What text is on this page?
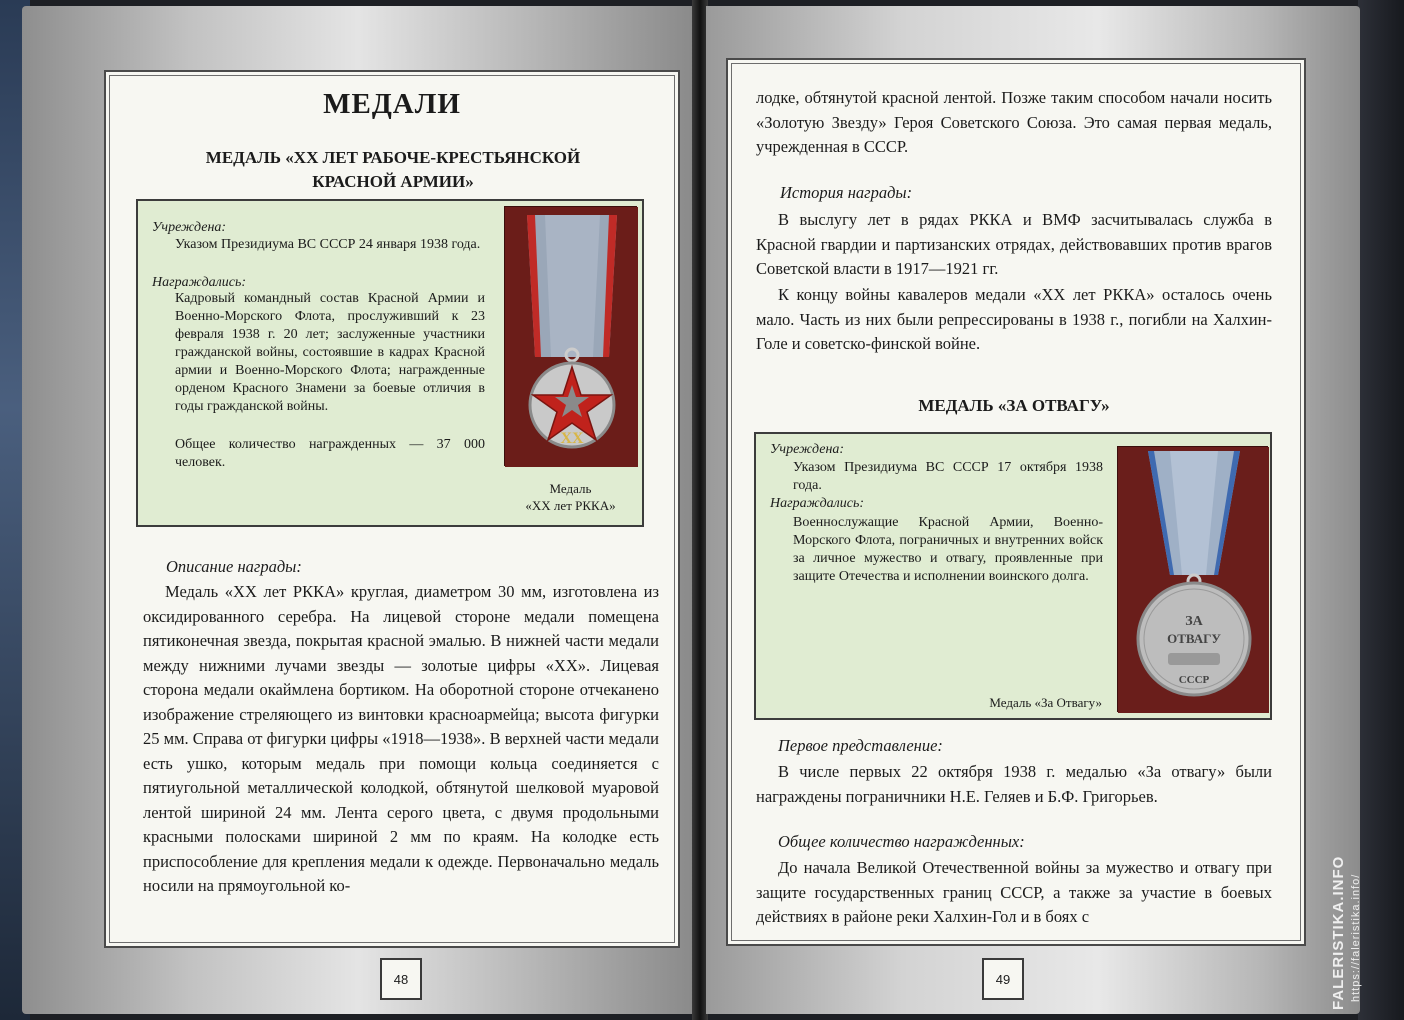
МЕДАЛИ
МЕДАЛЬ «XX ЛЕТ РАБОЧЕ-КРЕСТЬЯНСКОЙ
КРАСНОЙ АРМИИ»
Учреждена:
Указом Президиума ВС СССР 24 января 1938 года.
Награждались:
Кадровый командный состав Красной Армии и Военно-Морского Флота, прослуживший к 23 февраля 1938 г. 20 лет; заслуженные участники гражданской войны, состоявшие в кадрах Красной армии и Военно-Морского Флота; награжденные орденом Красного Знамени за боевые отличия в годы гражданской войны.
Общее количество награжденных — 37 000 человек.
XX
Медаль
«XX лет РККА»
Описание награды:
Медаль «XX лет РККА» круглая, диаметром 30 мм, изготовлена из оксидированного серебра. На лицевой стороне медали помещена пятиконечная звезда, покрытая красной эмалью. В нижней части медали между нижними лучами звезды — золотые цифры «XX». Лицевая сторона медали окаймлена бортиком. На оборотной стороне отчеканено изображение стреляющего из винтовки красноармейца; высота фигурки 25 мм. Справа от фигурки цифры «1918—1938». В верхней части медали есть ушко, которым медаль при помощи кольца соединяется с пятиугольной металлической колодкой, обтянутой шелковой муаровой лентой шириной 24 мм. Лента серого цвета, с двумя продольными красными полосками шириной 2 мм по краям. На колодке есть приспособление для крепления медали к одежде. Первоначально медаль носили на прямоугольной ко-
48
лодке, обтянутой красной лентой. Позже таким способом начали носить «Золотую Звезду» Героя Советского Союза. Это самая первая медаль, учрежденная в СССР.
История награды:
В выслугу лет в рядах РККА и ВМФ засчитывалась служба в Красной гвардии и партизанских отрядах, действовавших против врагов Советской власти в 1917—1921 гг.
К концу войны кавалеров медали «XX лет РККА» осталось очень мало. Часть из них были репрессированы в 1938 г., погибли на Халхин-Голе и советско-финской войне.
МЕДАЛЬ «ЗА ОТВАГУ»
Учреждена:
Указом Президиума ВС СССР 17 октября 1938 года.
Награждались:
Военнослужащие Красной Армии, Военно-Морского Флота, пограничных и внутренних войск за личное мужество и отвагу, проявленные при защите Отечества и исполнении воинского долга.
Медаль «За Отвагу»
ЗА
ОТВАГУ
СССР
Первое представление:
В числе первых 22 октября 1938 г. медалью «За отвагу» были награждены пограничники Н.Е. Геляев и Б.Ф. Григорьев.
Общее количество награжденных:
До начала Великой Отечественной войны за мужество и отвагу при защите государственных границ СССР, а также за участие в боевых действиях в районе реки Халхин-Гол и в боях с
49	FALERISTIKA.INFO https://faleristika.info/
